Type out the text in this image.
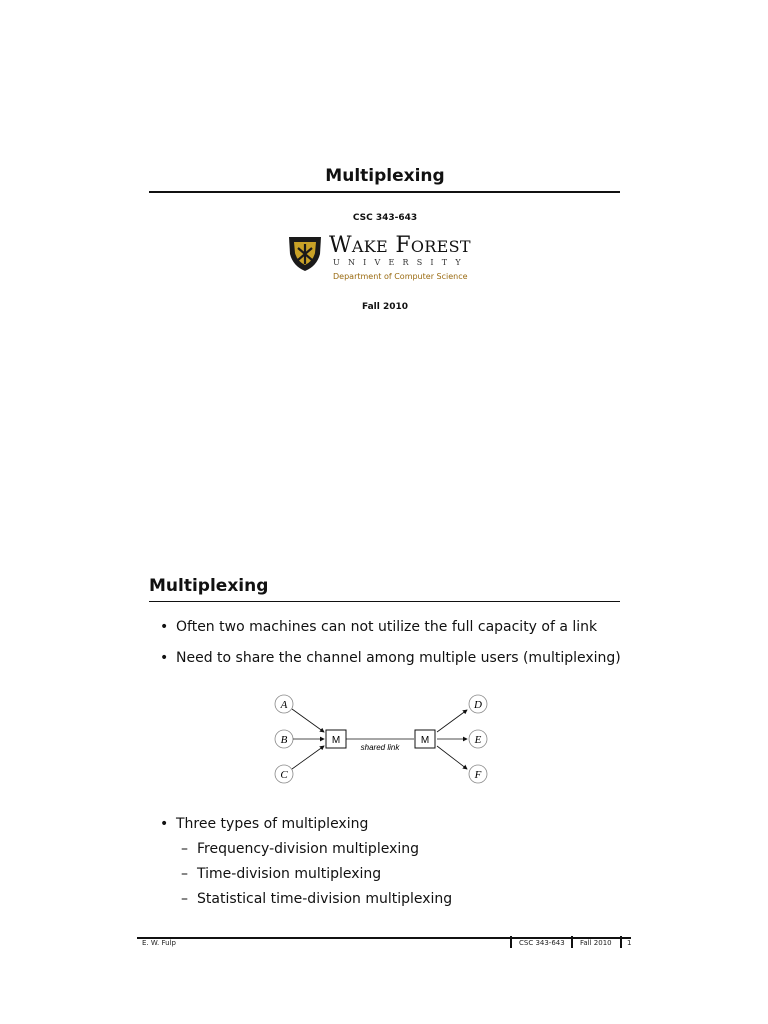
Multiplexing
CSC 343-643
WAKE FOREST
UNIVERSITY
Department of Computer Science
Fall 2010
Multiplexing
• Often two machines can not utilize the full capacity of a link
• Need to share the channel among multiple users (multiplexing)
A
B
C
M
shared link
M
D
E
F
• Three types of multiplexing
– Frequency-division multiplexing
– Time-division multiplexing
– Statistical time-division multiplexing
E. W. Fulp	CSC 343-643 Fall 2010 1
